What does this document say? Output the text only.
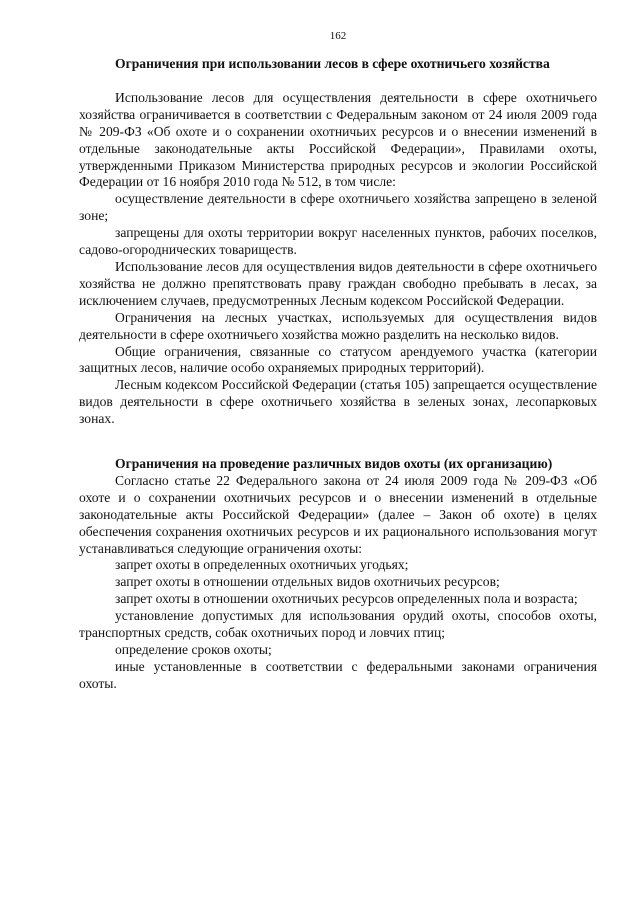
162

Ограничения при использовании лесов в сфере охотничьего хозяйства

Использование лесов для осуществления деятельности в сфере охотничьего хозяйства ограничивается в соответствии с Федеральным законом от 24 июля 2009 года № 209-ФЗ «Об охоте и о сохранении охотничьих ресурсов и о внесении изменений в отдельные законодательные акты Российской Федерации», Правилами охоты, утвержденными Приказом Министерства природных ресурсов и экологии Российской Федерации от 16 ноября 2010 года № 512, в том числе:

осуществление деятельности в сфере охотничьего хозяйства запрещено в зеленой зоне;

запрещены для охоты территории вокруг населенных пунктов, рабочих поселков, садово-огороднических товариществ.

Использование лесов для осуществления видов деятельности в сфере охотничьего хозяйства не должно препятствовать праву граждан свободно пребывать в лесах, за исключением случаев, предусмотренных Лесным кодексом Российской Федерации.

Ограничения на лесных участках, используемых для осуществления видов деятельности в сфере охотничьего хозяйства можно разделить на несколько видов.

Общие ограничения, связанные со статусом арендуемого участка (категории защитных лесов, наличие особо охраняемых природных территорий).

Лесным кодексом Российской Федерации (статья 105) запрещается осуществление видов деятельности в сфере охотничьего хозяйства в зеленых зонах, лесопарковых зонах.

Ограничения на проведение различных видов охоты (их организацию)

Согласно статье 22 Федерального закона от 24 июля 2009 года № 209-ФЗ «Об охоте и о сохранении охотничьих ресурсов и о внесении изменений в отдельные законодательные акты Российской Федерации» (далее – Закон об охоте) в целях обеспечения сохранения охотничьих ресурсов и их рационального использования могут устанавливаться следующие ограничения охоты:

запрет охоты в определенных охотничьих угодьях;

запрет охоты в отношении отдельных видов охотничьих ресурсов;

запрет охоты в отношении охотничьих ресурсов определенных пола и возраста;

установление допустимых для использования орудий охоты, способов охоты, транспортных средств, собак охотничьих пород и ловчих птиц;

определение сроков охоты;

иные установленные в соответствии с федеральными законами ограничения охоты.
